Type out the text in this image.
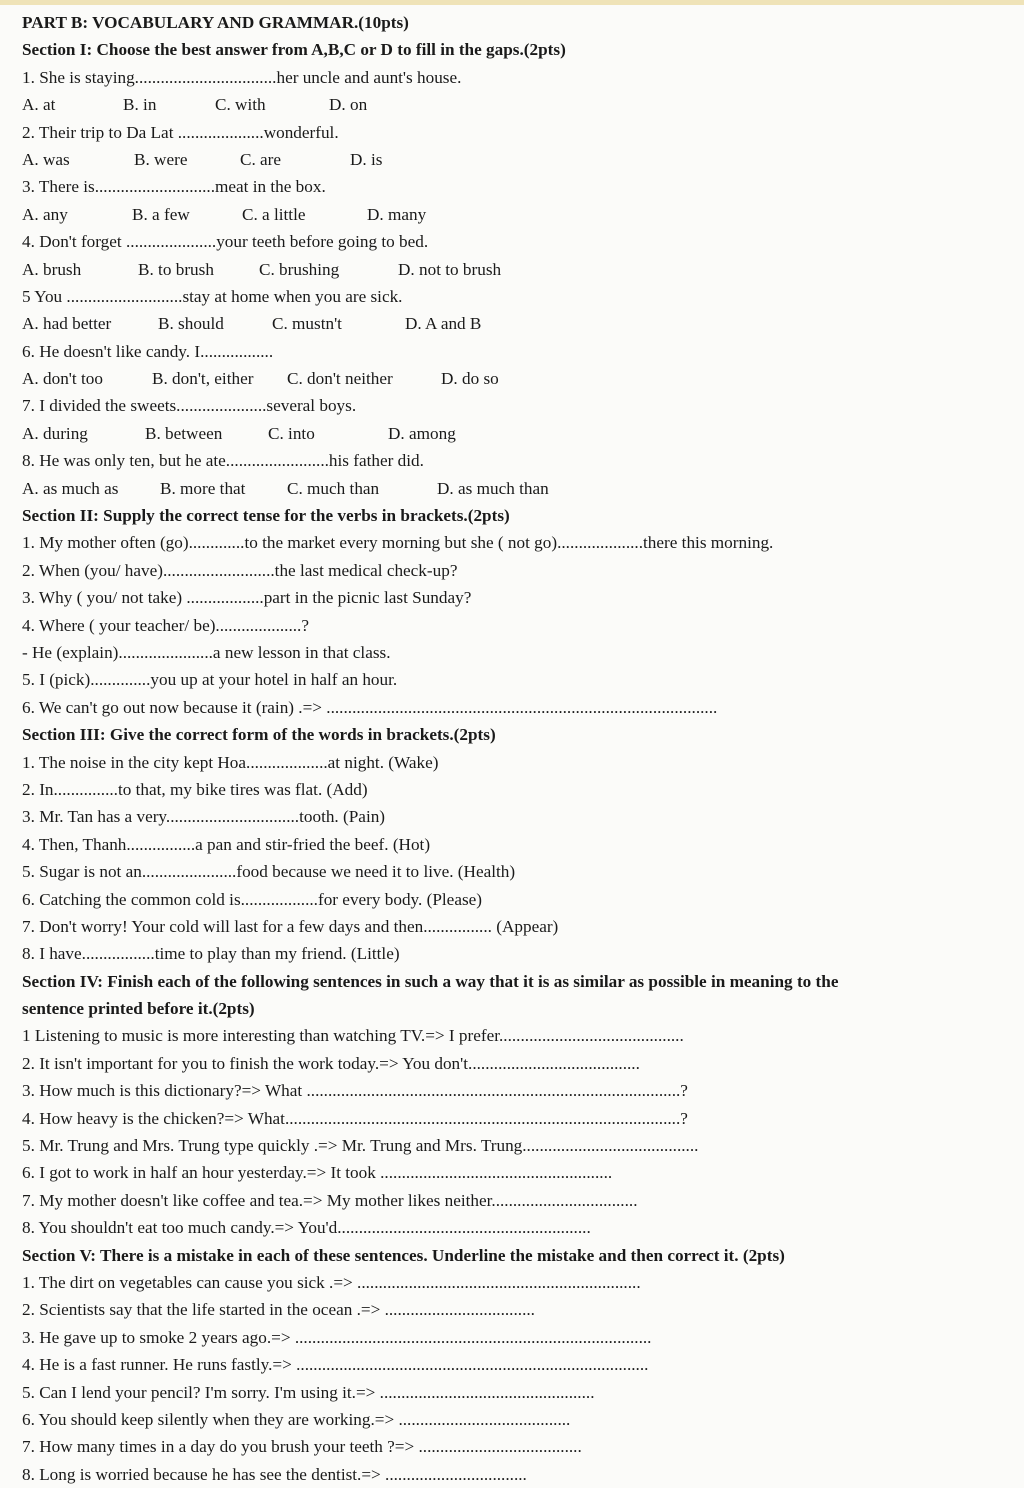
PART B: VOCABULARY AND GRAMMAR.(10pts)
Section I: Choose the best answer from A,B,C or D to fill in the gaps.(2pts)
1. She is staying.................................her uncle and aunt's house.
A. at	B. in	C. with	D. on
2. Their trip to Da Lat ....................wonderful.
A. was	B. were	C. are	D. is
3. There is............................meat in the box.
A. any	B. a few	C. a little	D. many
4. Don't forget .....................your teeth before going to bed.
A. brush	B. to brush	C. brushing	D. not to brush
5 You ...........................stay at home when you are sick.
A. had better	B. should	C. mustn't	D. A and B
6. He doesn't like candy. I.................
A. don't too	B. don't, either C. don't neither	D. do so
7. I divided the sweets.....................several boys.
A. during	B. between	C. into	D. among
8. He was only ten, but he ate........................his father did.
A. as much as B. more that C. much than	D. as much than
Section II: Supply the correct tense for the verbs in brackets.(2pts)
1. My mother often (go).............to the market every morning but she ( not go)....................there this morning.
2. When (you/ have)..........................the last medical check-up?
3. Why ( you/ not take) ..................part in the picnic last Sunday?
4. Where ( your teacher/ be)....................?
- He (explain)......................a new lesson in that class.
5. I (pick)..............you up at your hotel in half an hour.
6. We can't go out now because it (rain) .=> ...........................................................................................
Section III: Give the correct form of the words in brackets.(2pts)
1. The noise in the city kept Hoa...................at night. (Wake)
2. In...............to that, my bike tires was flat. (Add)
3. Mr. Tan has a very...............................tooth. (Pain)
4. Then, Thanh................a pan and stir-fried the beef. (Hot)
5. Sugar is not an......................food because we need it to live. (Health)
6. Catching the common cold is..................for every body. (Please)
7. Don't worry! Your cold will last for a few days and then................ (Appear)
8. I have.................time to play than my friend. (Little)
Section IV: Finish each of the following sentences in such a way that it is as similar as possible in meaning to the
sentence printed before it.(2pts)
1 Listening to music is more interesting than watching TV.=> I prefer...........................................
2. It isn't important for you to finish the work today.=> You don't........................................
3. How much is this dictionary?=> What .......................................................................................?
4. How heavy is the chicken?=> What............................................................................................?
5. Mr. Trung and Mrs. Trung type quickly .=> Mr. Trung and Mrs. Trung.........................................
6. I got to work in half an hour yesterday.=> It took ......................................................
7. My mother doesn't like coffee and tea.=> My mother likes neither..................................
8. You shouldn't eat too much candy.=> You'd...........................................................
Section V: There is a mistake in each of these sentences. Underline the mistake and then correct it. (2pts)
1. The dirt on vegetables can cause you sick .=> ..................................................................
2. Scientists say that the life started in the ocean .=> ...................................
3. He gave up to smoke 2 years ago.=> ...................................................................................
4. He is a fast runner. He runs fastly.=> ..................................................................................
5. Can I lend your pencil? I'm sorry. I'm using it.=> ..................................................
6. You should keep silently when they are working.=> ........................................
7. How many times in a day do you brush your teeth ?=> ......................................
8. Long is worried because he has see the dentist.=> .................................
